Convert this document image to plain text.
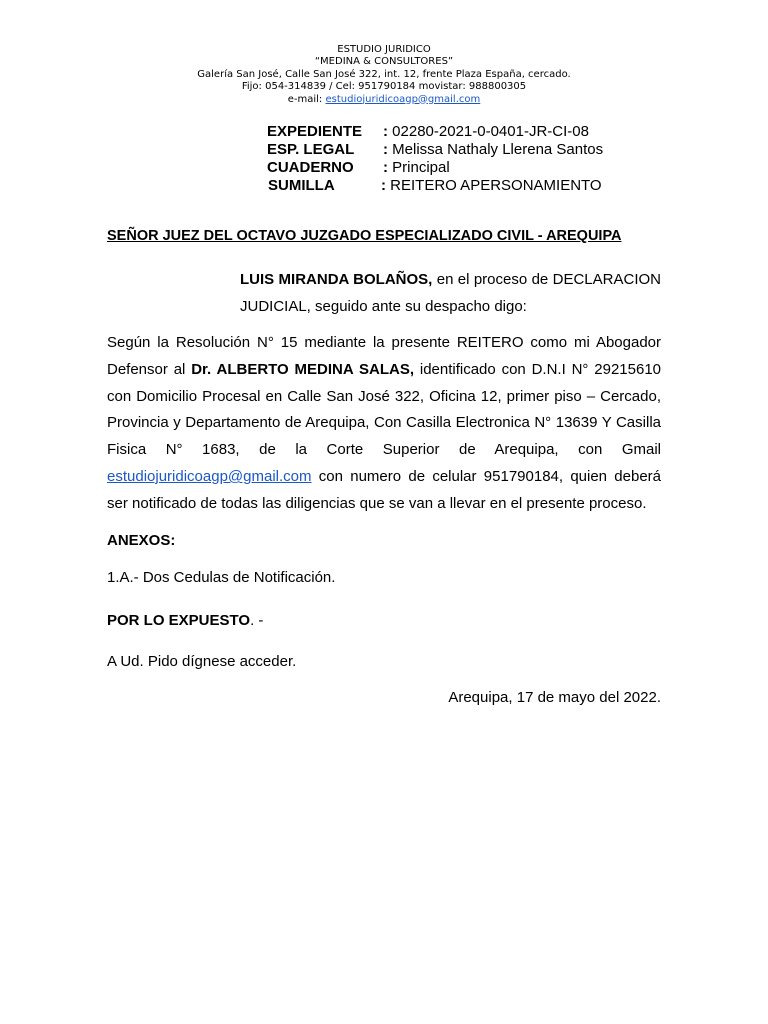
ESTUDIO JURIDICO
“MEDINA & CONSULTORES”
Galería San José, Calle San José 322, int. 12, frente Plaza España, cercado.
Fijo: 054-314839 / Cel: 951790184 movistar: 988800305
e-mail: estudiojuridicoagp@gmail.com
EXPEDIENTE : 02280-2021-0-0401-JR-CI-08
ESP. LEGAL : Melissa Nathaly Llerena Santos
CUADERNO : Principal
SUMILLA	: REITERO APERSONAMIENTO
SEÑOR JUEZ DEL OCTAVO JUZGADO ESPECIALIZADO CIVIL - AREQUIPA
LUIS MIRANDA BOLAÑOS, en el proceso de DECLARACION JUDICIAL, seguido ante su despacho digo:
Según la Resolución N° 15 mediante la presente REITERO como mi Abogador Defensor al Dr. ALBERTO MEDINA SALAS, identificado con D.N.I N° 29215610 con Domicilio Procesal en Calle San José 322, Oficina 12, primer piso – Cercado, Provincia y Departamento de Arequipa, Con Casilla Electronica N° 13639 Y Casilla Fisica N° 1683, de la Corte Superior de Arequipa, con Gmail estudiojuridicoagp@gmail.com con numero de celular 951790184, quien deberá ser notificado de todas las diligencias que se van a llevar en el presente proceso.
ANEXOS:
1.A.- Dos Cedulas de Notificación.
POR LO EXPUESTO. -
A Ud. Pido dígnese acceder.
Arequipa, 17 de mayo del 2022.
